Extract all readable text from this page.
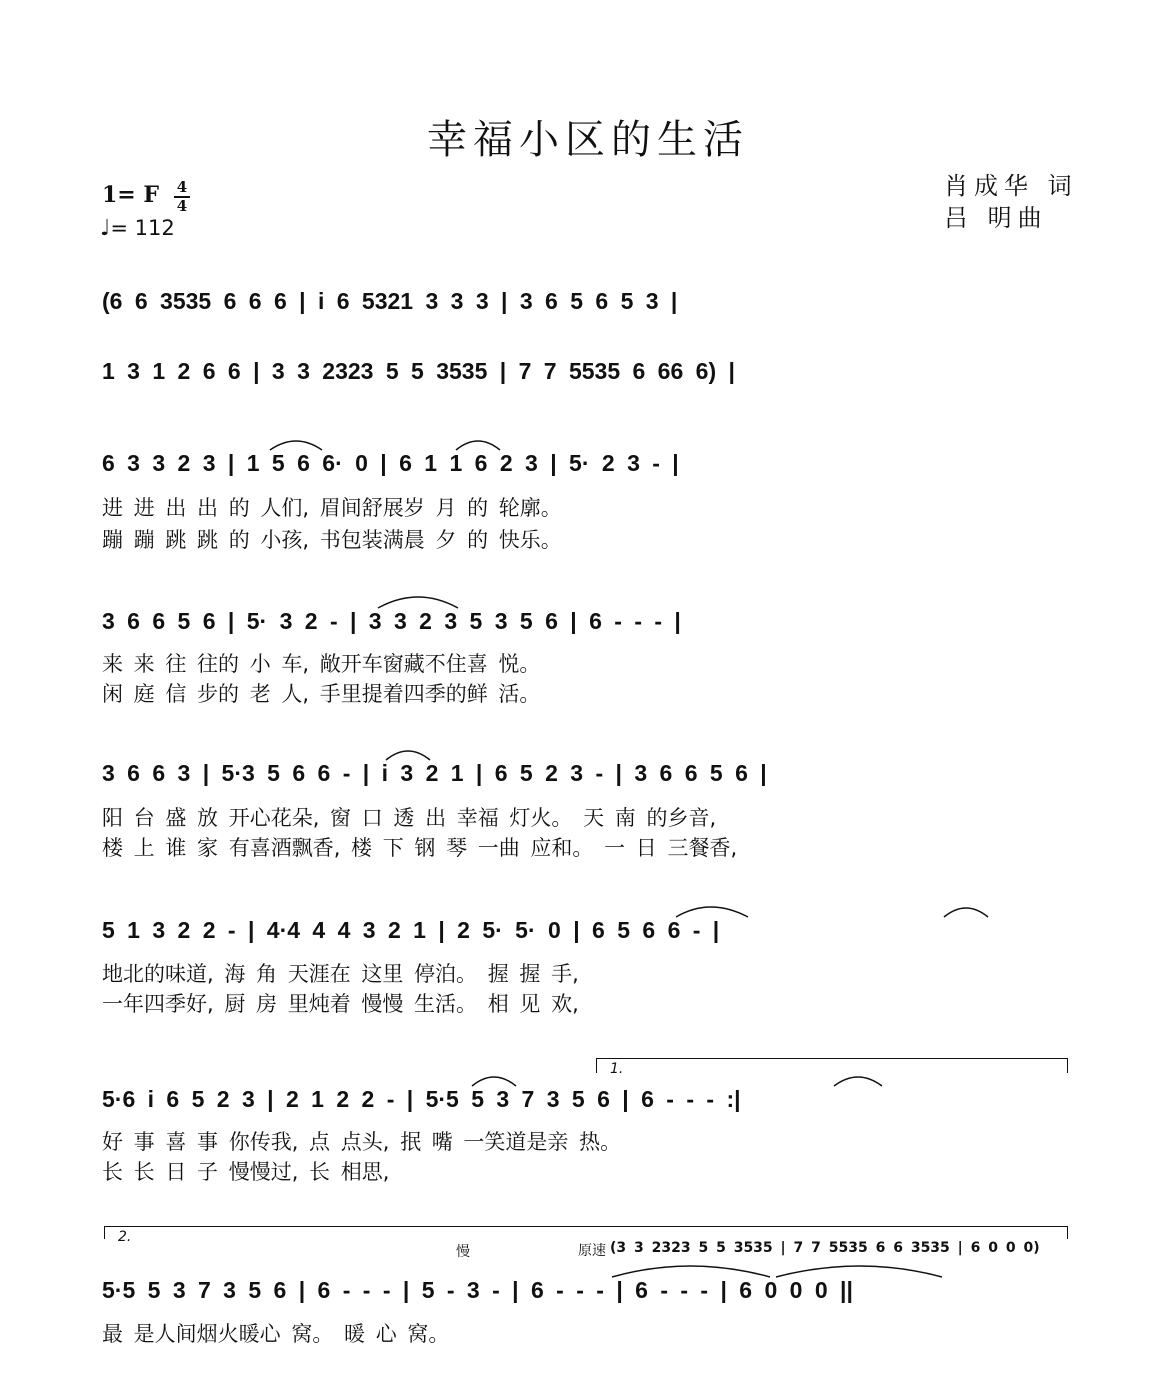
幸福小区的生活
肖成华 词
吕 明曲
1= F 4
4
♩= 112
(6 6 3535 6 6 6 | i 6 5321 3 3 3 | 3 6 5 6 5 3 |
1 3 1 2 6 6 | 3 3 2323 5 5 3535 | 7 7 5535 6 66 6) |
6 3 3 2 3 | 1 5 6 6· 0 | 6 1 1 6 2 3 | 5· 2 3 - |
进 进 出 出 的 人们, 眉间舒展岁 月 的 轮廓。
蹦 蹦 跳 跳 的 小孩, 书包装满晨 夕 的 快乐。
3 6 6 5 6 | 5· 3 2 - | 3 3 2 3 5 3 5 6 | 6 - - - |
来 来 往 往的 小 车, 敞开车窗藏不住喜 悦。
闲 庭 信 步的 老 人, 手里提着四季的鲜 活。
3 6 6 3 | 5·3 5 6 6 - | i 3 2 1 | 6 5 2 3 - | 3 6 6 5 6 |
阳 台 盛 放 开心花朵, 窗 口 透 出 幸福 灯火。 天 南 的乡音,
楼 上 谁 家 有喜酒飘香, 楼 下 钢 琴 一曲 应和。 一 日 三餐香,
5 1 3 2 2 - | 4·4 4 4 3 2 1 | 2 5· 5· 0 | 6 5 6 6 - |
地北的味道, 海 角 天涯在 这里 停泊。 握 握 手,
一年四季好, 厨 房 里炖着 慢慢 生活。 相 见 欢,
1.
5·6 i 6 5 2 3 | 2 1 2 2 - | 5·5 5 3 7 3 5 6 | 6 - - - :|
好 事 喜 事 你传我, 点 点头, 抿 嘴 一笑道是亲 热。
长 长 日 子 慢慢过, 长 相思,
2.
慢	原速 (3 3 2323 5 5 3535 | 7 7 5535 6 6 3535 | 6 0 0 0)
5·5 5 3 7 3 5 6 | 6 - - - | 5 - 3 - | 6 - - - | 6 - - - | 6 0 0 0 ||
最 是人间烟火暖心 窝。 暖 心 窝。
